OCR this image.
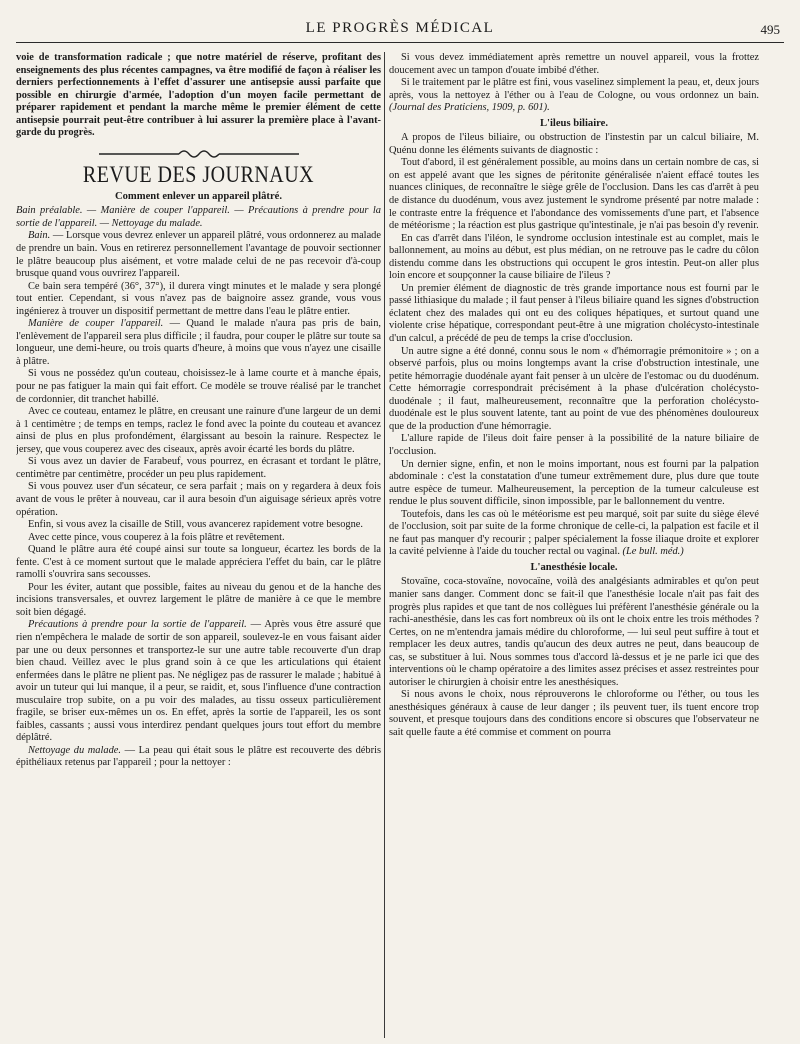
LE PROGRÈS MÉDICAL	495

voie de transformation radicale ; que notre matériel de réserve, profitant des enseignements des plus récentes campagnes, va être modifié de façon à réaliser les derniers perfectionnements à l'effet d'assurer une antisepsie aussi parfaite que possible en chirurgie d'armée, l'adoption d'un moyen facile permettant de préparer rapidement et pendant la marche même le premier élément de cette antisepsie pourrait peut-être contribuer à lui assurer la première place à l'avant-garde du progrès.

REVUE DES JOURNAUX
Comment enlever un appareil plâtré.

Bain préalable. — Manière de couper l'appareil. — Précautions à prendre pour la sortie de l'appareil. — Nettoyage du malade.

Bain. — Lorsque vous devrez enlever un appareil plâtré, vous ordonnerez au malade de prendre un bain. Vous en retirerez personnellement l'avantage de pouvoir sectionner le plâtre beaucoup plus aisément, et votre malade celui de ne pas recevoir d'à-coup brusque quand vous ouvrirez l'appareil.

Ce bain sera tempéré (36°, 37°), il durera vingt minutes et le malade y sera plongé tout entier. Cependant, si vous n'avez pas de baignoire assez grande, vous vous ingénierez à trouver un dispositif permettant de mettre dans l'eau le plâtre entier.

Manière de couper l'appareil. — Quand le malade n'aura pas pris de bain, l'enlèvement de l'appareil sera plus difficile ; il faudra, pour couper le plâtre sur toute sa longueur, une demi-heure, ou trois quarts d'heure, à moins que vous n'ayez une cisaille à plâtre.

Si vous ne possédez qu'un couteau, choisissez-le à lame courte et à manche épais, pour ne pas fatiguer la main qui fait effort. Ce modèle se trouve réalisé par le tranchet de cordonnier, dit tranchet habillé.

Avec ce couteau, entamez le plâtre, en creusant une rainure d'une largeur de un demi à 1 centimètre ; de temps en temps, raclez le fond avec la pointe du couteau et avancez ainsi de plus en plus profondément, élargissant au besoin la rainure. Respectez le jersey, que vous couperez avec des ciseaux, après avoir écarté les bords du plâtre.

Si vous avez un davier de Farabeuf, vous pourrez, en écrasant et tordant le plâtre, centimètre par centimètre, procéder un peu plus rapidement.

Si vous pouvez user d'un sécateur, ce sera parfait ; mais on y regardera à deux fois avant de vous le prêter à nouveau, car il aura besoin d'un aiguisage sérieux après votre opération.

Enfin, si vous avez la cisaille de Still, vous avancerez rapidement votre besogne.

Avec cette pince, vous couperez à la fois plâtre et revêtement.

Quand le plâtre aura été coupé ainsi sur toute sa longueur, écartez les bords de la fente. C'est à ce moment surtout que le malade appréciera l'effet du bain, car le plâtre ramolli s'ouvrira sans secousses.

Pour les éviter, autant que possible, faites au niveau du genou et de la hanche des incisions transversales, et ouvrez largement le plâtre de manière à ce que le membre soit bien dégagé.

Précautions à prendre pour la sortie de l'appareil. — Après vous être assuré que rien n'empêchera le malade de sortir de son appareil, soulevez-le en vous faisant aider par une ou deux personnes et transportez-le sur une autre table recouverte d'un drap bien chaud. Veillez avec le plus grand soin à ce que les articulations qui étaient enfermées dans le plâtre ne plient pas. Ne négligez pas de rassurer le malade ; habitué à avoir un tuteur qui lui manque, il a peur, se raidit, et, sous l'influence d'une contraction musculaire trop subite, on a pu voir des malades, au tissu osseux particulièrement fragile, se briser eux-mêmes un os. En effet, après la sortie de l'appareil, les os sont faibles, cassants ; aussi vous interdirez pendant quelques jours tout effort du membre déplâtré.

Nettoyage du malade. — La peau qui était sous le plâtre est recouverte des débris épithéliaux retenus par l'appareil ; pour la nettoyer :

Si vous devez immédiatement après remettre un nouvel appareil, vous la frottez doucement avec un tampon d'ouate imbibé d'éther.

Si le traitement par le plâtre est fini, vous vaselinez simplement la peau, et, deux jours après, vous la nettoyez à l'éther ou à l'eau de Cologne, ou vous ordonnez un bain. (Journal des Praticiens, 1909, p. 601).

L'ileus biliaire.

A propos de l'ileus biliaire, ou obstruction de l'instestin par un calcul biliaire, M. Quénu donne les éléments suivants de diagnostic :

Tout d'abord, il est généralement possible, au moins dans un certain nombre de cas, si on est appelé avant que les signes de péritonite généralisée n'aient effacé toutes les nuances cliniques, de reconnaître le siège grêle de l'occlusion. Dans les cas d'arrêt à peu de distance du duodénum, vous avez justement le syndrome présenté par notre malade : le contraste entre la fréquence et l'abondance des vomissements d'une part, et l'absence de météorisme ; la réaction est plus gastrique qu'intestinale, je n'ai pas besoin d'y revenir.

En cas d'arrêt dans l'iléon, le syndrome occlusion intestinale est au complet, mais le ballonnement, au moins au début, est plus médian, on ne retrouve pas le cadre du côlon distendu comme dans les obstructions qui occupent le gros intestin. Peut-on aller plus loin encore et soupçonner la cause biliaire de l'ileus ?

Un premier élément de diagnostic de très grande importance nous est fourni par le passé lithiasique du malade ; il faut penser à l'ileus biliaire quand les signes d'obstruction éclatent chez des malades qui ont eu des coliques hépatiques, et surtout quand une violente crise hépatique, correspondant peut-être à une migration cholécysto-intestinale d'un calcul, a précédé de peu de temps la crise d'occlusion.

Un autre signe a été donné, connu sous le nom « d'hémorragie prémonitoire » ; on a observé parfois, plus ou moins longtemps avant la crise d'obstruction intestinale, une petite hémorragie duodénale ayant fait penser à un ulcère de l'estomac ou du duodénum. Cette hémorragie correspondrait précisément à la phase d'ulcération cholécysto-duodénale ; il faut, malheureusement, reconnaître que la perforation cholécysto-duodénale est le plus souvent latente, tant au point de vue des phénomènes douloureux que de la production d'une hémorragie.

L'allure rapide de l'ileus doit faire penser à la possibilité de la nature biliaire de l'occlusion.

Un dernier signe, enfin, et non le moins important, nous est fourni par la palpation abdominale : c'est la constatation d'une tumeur extrêmement dure, plus dure que toute autre espèce de tumeur. Malheureusement, la perception de la tumeur calculeuse est rendue le plus souvent difficile, sinon impossible, par le ballonnement du ventre.

Toutefois, dans les cas où le météorisme est peu marqué, soit par suite du siège élevé de l'occlusion, soit par suite de la forme chronique de celle-ci, la palpation est facile et il ne faut pas manquer d'y recourir ; palper spécialement la fosse iliaque droite et explorer la cavité pelvienne à l'aide du toucher rectal ou vaginal. (Le bull. méd.)

L'anesthésie locale.

Stovaïne, coca-stovaïne, novocaïne, voilà des analgésiants admirables et qu'on peut manier sans danger. Comment donc se fait-il que l'anesthésie locale n'ait pas fait des progrès plus rapides et que tant de nos collègues lui préfèrent l'anesthésie générale ou la rachi-anesthésie, dans les cas fort nombreux où ils ont le choix entre les trois méthodes ? Certes, on ne m'entendra jamais médire du chloroforme, — lui seul peut suffire à tout et remplacer les deux autres, tandis qu'aucun des deux autres ne peut, dans beaucoup de cas, se substituer à lui. Nous sommes tous d'accord là-dessus et je ne parle ici que des interventions où le champ opératoire a des limites assez précises et assez restreintes pour autoriser le chirurgien à choisir entre les anesthésiques.

Si nous avons le choix, nous réprouverons le chloroforme ou l'éther, ou tous les anesthésiques généraux à cause de leur danger ; ils peuvent tuer, ils tuent encore trop souvent, et presque toujours dans des conditions encore si obscures que l'observateur ne sait quelle faute a été commise et comment on pourra
